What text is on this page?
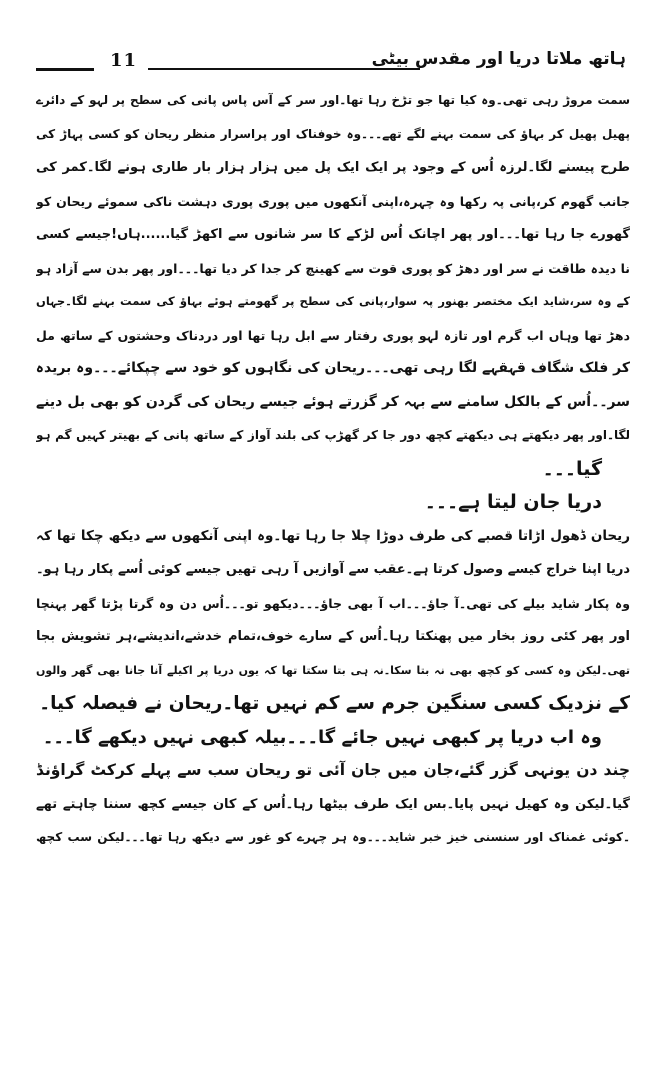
11	ہاتھ ملاتا دریا اور مقدس بیٹی
سمت مروڑ رہی تھی۔وہ کیا تھا جو تڑخ رہا تھا۔اور سر کے آس پاس پانی کی سطح پر لہو کے دائرے
پھیل پھیل کر بہاؤ کی سمت بہنے لگے تھے۔۔۔وہ خوفناک اور پراسرار منظر ریحان کو کسی پہاڑ کی
طرح پیسنے لگا۔لرزہ اُس کے وجود پر ایک ایک پل میں ہزار ہزار بار طاری ہونے لگا۔کمر کی
جانب گھوم کر،پانی پہ رکھا وہ چہرہ،اپنی آنکھوں میں پوری پوری دہشت ناکی سموئے ریحان کو
گھورے جا رہا تھا۔۔۔اور پھر اچانک اُس لڑکے کا سر شانوں سے اکھڑ گیا......ہاں!جیسے کسی
نا دیدہ طاقت نے سر اور دھڑ کو پوری قوت سے کھینچ کر جدا کر دیا تھا۔۔۔اور پھر بدن سے آزاد ہو
کے وہ سر،شاید ایک مختصر بھنور پہ سوار،پانی کی سطح پر گھومتے ہوئے بہاؤ کی سمت بہنے لگا۔جہاں
دھڑ تھا وہاں اب گرم اور تازہ لہو پوری رفتار سے ابل رہا تھا اور دردناک وحشتوں کے ساتھ مل
کر فلک شگاف قہقہے لگا رہی تھی۔۔۔ریحان کی نگاہوں کو خود سے چپکائے۔۔۔وہ بریدہ
سر۔۔اُس کے بالکل سامنے سے بہہ کر گزرتے ہوئے جیسے ریحان کی گردن کو بھی بل دینے
لگا۔اور پھر دیکھتے ہی دیکھتے کچھ دور جا کر گھڑپ کی بلند آواز کے ساتھ پانی کے بھیتر کہیں گم ہو
گیا۔۔۔
دریا جان لیتا ہے۔۔۔
ریحان ڈھول اڑاتا قصبے کی طرف دوڑا چلا جا رہا تھا۔وہ اپنی آنکھوں سے دیکھ چکا تھا کہ
دریا اپنا خراج کیسے وصول کرتا ہے۔عقب سے آوازیں آ رہی تھیں جیسے کوئی اُسے پکار رہا ہو۔
وہ پکار شاید بیلے کی تھی۔آ جاؤ۔۔۔اب آ بھی جاؤ۔۔۔دیکھو تو۔۔۔اُس دن وہ گرتا پڑتا گھر پہنچا
اور پھر کئی روز بخار میں پھنکتا رہا۔اُس کے سارے خوف،تمام خدشے،اندیشے،ہر تشویش بجا
تھی۔لیکن وہ کسی کو کچھ بھی نہ بتا سکا۔نہ ہی بتا سکتا تھا کہ یوں دریا پر اکیلے آنا جانا بھی گھر والوں
کے نزدیک کسی سنگین جرم سے کم نہیں تھا۔ریحان نے فیصلہ کیا۔
وہ اب دریا پر کبھی نہیں جائے گا۔۔۔بیلہ کبھی نہیں دیکھے گا۔۔۔
چند دن یونہی گزر گئے،جان میں جان آئی تو ریحان سب سے پہلے کرکٹ گراؤنڈ
گیا۔لیکن وہ کھیل نہیں پایا۔بس ایک طرف بیٹھا رہا۔اُس کے کان جیسے کچھ سننا چاہتے تھے
۔کوئی غمناک اور سنسنی خیز خبر شاید۔۔۔وہ ہر چہرے کو غور سے دیکھ رہا تھا۔۔۔لیکن سب کچھ
